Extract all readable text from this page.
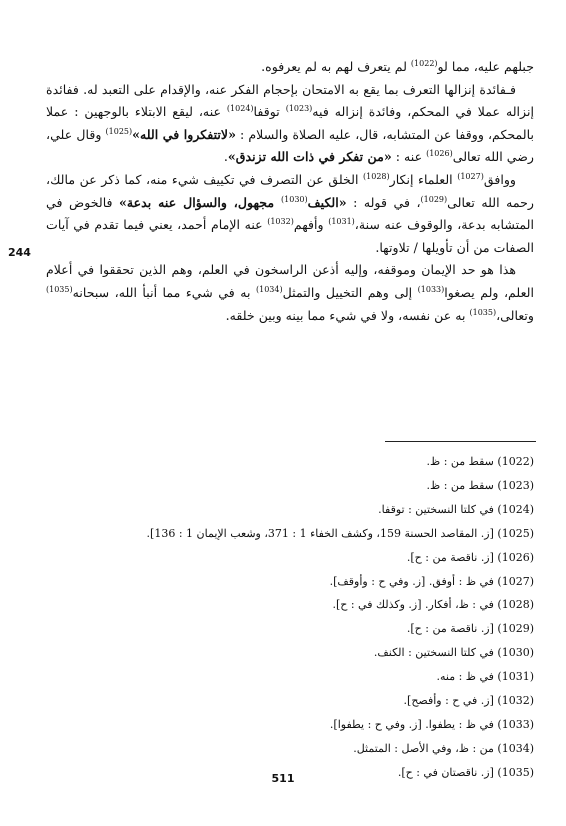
جبلهم عليه، مما لو$^{(1022)}$ لم يتعرف لهم به لم يعرفوه.

فـفائدة إنزالها التعرف بما يقع به الامتحان بإحجام الفكر عنه، والإقدام على التعبد له. ففائدة إنزاله عملا في المحكم، وفائدة إنزاله فيه$^{(1023)}$ توقفا$^{(1024)}$ عنه، ليقع الابتلاء بالوجهين : عملا بالمحكم، ووقفا عن المتشابه، قال، عليه الصلاة والسلام : «لاتتفكروا في الله»$^{(1025)}$ وقال علي، رضي الله تعالى$^{(1026)}$ عنه : «من تفكر في ذات الله تزندق».

ووافق$^{(1027)}$ العلماء إنكار$^{(1028)}$ الخلق عن التصرف في تكييف شيء منه، كما ذكر عن مالك، رحمه الله تعالى$^{(1029)}$، في قوله : «الكيف$^{(1030)}$ مجهول، والسؤال عنه بدعة» فالخوض في المتشابه بدعة، والوقوف عنه سنة،$^{(1031)}$ وأفهم$^{(1032)}$ عنه الإمام أحمد، يعني فيما تقدم في آيات الصفات من أن تأويلها / تلاوتها.

هذا هو حد الإيمان وموقفه، وإليه أذعن الراسخون في العلم، وهم الذين تحققوا في أعلام العلم، ولم يصغوا$^{(1033)}$ إلى وهم التخييل والتمثل$^{(1034)}$ به في شيء مما أنبأ الله، سبحانه$^{(1035)}$ وتعالى،$^{(1035)}$ به عن نفسه، ولا في شيء مما بينه وبين خلقه.

244
(1022) سقط من : ظ.
(1023) سقط من : ظ.
(1024) في كلتا النسختين : توقفا.
(1025) [ز. المقاصد الحسنة 159، وكشف الخفاء 1 : 371، وشعب الإيمان 1 : 136].
(1026) [ز. ناقصة من : ح].
(1027) في ظ : أوفق. [ز. وفي ح : وأوقف].
(1028) في : ظ، أفكار. [ز. وكذلك في : ح].
(1029) [ز. ناقصة من : ح].
(1030) في كلتا النسختين : الكنف.
(1031) في ظ : منه.
(1032) [ز. في ح : وأفصح].
(1033) في ظ : يطفوا. [ز. وفي ح : يطفوا].
(1034) من : ظ، وفي الأصل : المتمثل.
(1035) [ز. ناقصتان في : ح].
511
